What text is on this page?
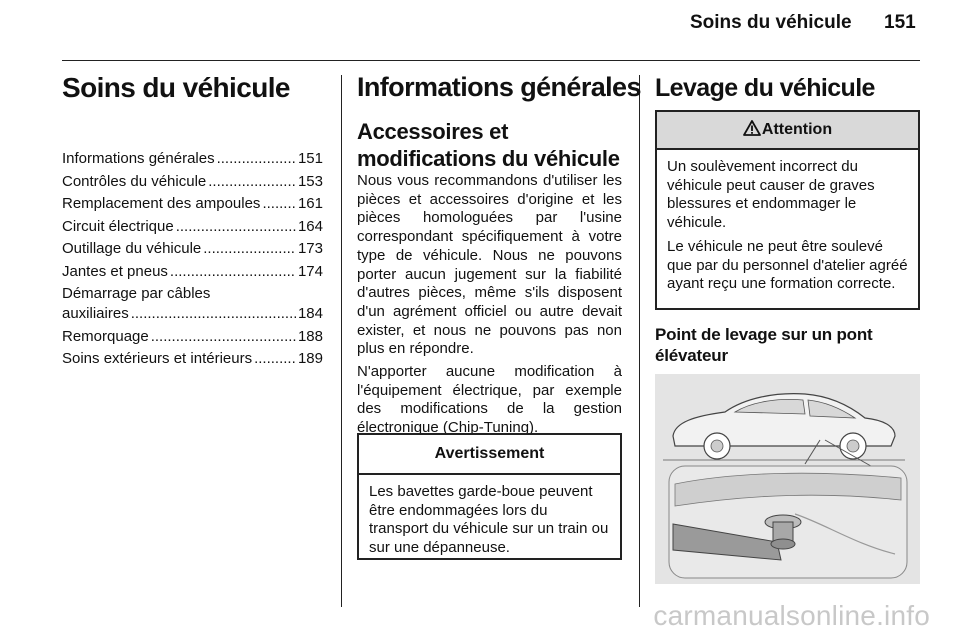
Soins du véhicule 151
Soins du véhicule
Informations générales .....	151
Contrôles du véhicule .....	153
Remplacement des ampoules .....	161
Circuit électrique .....	164
Outillage du véhicule .....	173
Jantes et pneus .....	174
Démarrage par câbles
auxiliaires .....	184
Remorquage .....	188
Soins extérieurs et intérieurs .....	189
Informations générales
Accessoires et modifications du véhicule

Nous vous recommandons d'utiliser les pièces et accessoires d'origine et les pièces homologuées par l'usine correspondant spécifiquement à votre type de véhicule. Nous ne pouvons porter aucun jugement sur la fiabilité d'autres pièces, même s'ils disposent d'un agrément officiel ou autre devait exister, et nous ne pouvons pas non plus en répondre.

N'apporter aucune modification à l'équipement électrique, par exemple des modifications de la gestion électronique (Chip-Tuning).

Avertissement
Les bavettes garde-boue peuvent être endommagées lors du transport du véhicule sur un train ou sur une dépanneuse.
Levage du véhicule
Attention

Un soulèvement incorrect du véhicule peut causer de graves blessures et endommager le véhicule.

Le véhicule ne peut être soulevé que par du personnel d'atelier agréé ayant reçu une formation correcte.

Point de levage sur un pont élévateur
carmanualsonline.info
